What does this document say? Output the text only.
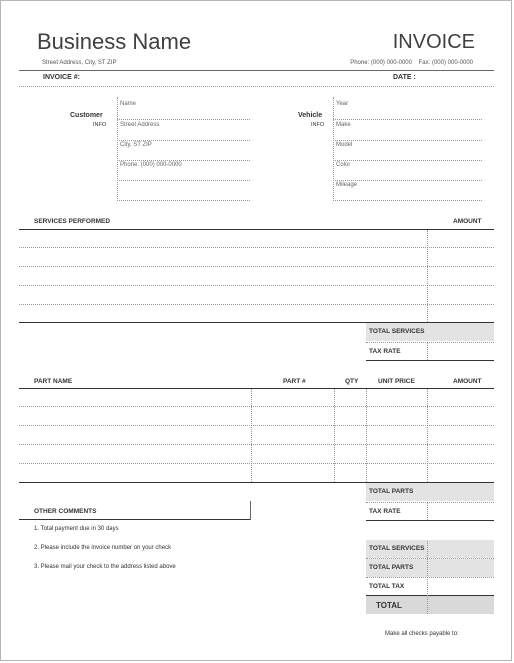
Business Name	INVOICE
Street Address, City, ST ZIP	Phone: (000) 000-0000 Fax: (000) 000-0000
INVOICE #:	DATE :
Customer
INFO
Name
Street Address
City, ST ZIP
Phone: (000) 000-0000
Vehicle
INFO
Year
Make
Model
Color
Mileage
SERVICES PERFORMED	AMOUNT
TOTAL SERVICES
TAX RATE
PART NAME	PART #	QTY	UNIT PRICE	AMOUNT
TOTAL PARTS
TAX RATE
OTHER COMMENTS
1. Total payment due in 30 days
2. Please include the invoice number on your check
3. Please mail your check to the address listed above
TOTAL SERVICES
TOTAL PARTS
TOTAL TAX
TOTAL
Make all checks payable to:
